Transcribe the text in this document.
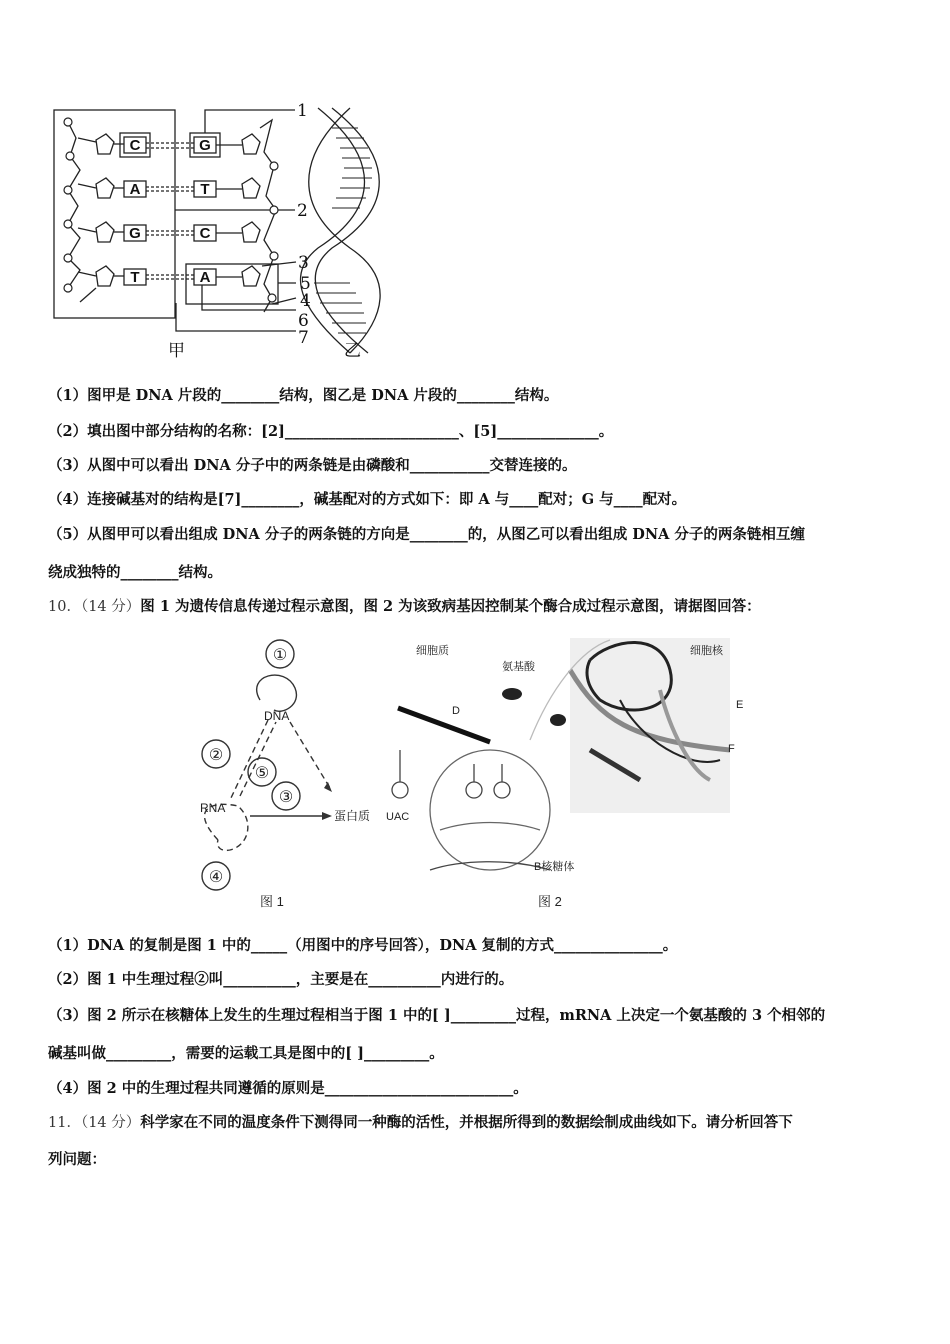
C
A
G
T
G
T
C
A
1
2
3
5
4
6
7
甲	乙
（1）图甲是 DNA 片段的________结构，图乙是 DNA 片段的________结构。
（2）填出图中部分结构的名称：[2]________________________、[5]______________。
（3）从图中可以看出 DNA 分子中的两条链是由磷酸和___________交替连接的。
（4）连接碱基对的结构是[7]________，碱基配对的方式如下：即 A 与____配对；G 与____配对。
（5）从图甲可以看出组成 DNA 分子的两条链的方向是________的，从图乙可以看出组成 DNA 分子的两条链相互缠
绕成独特的________结构。
10．（14 分）图 1 为遗传信息传递过程示意图，图 2 为该致病基因控制某个酶合成过程示意图，请据图回答：
①
②
⑤
③
④
DNA
RNA
蛋白质
图 1
细胞质
氨基酸
细胞核
D	E
F
UAC
B核糖体
图 2
（1）DNA 的复制是图 1 中的_____（用图中的序号回答），DNA 复制的方式_______________。
（2）图 1 中生理过程②叫__________，主要是在__________内进行的。
（3）图 2 所示在核糖体上发生的生理过程相当于图 1 中的[ ]_________过程，mRNA 上决定一个氨基酸的 3 个相邻的
碱基叫做_________，需要的运载工具是图中的[ ]_________。
（4）图 2 中的生理过程共同遵循的原则是__________________________。
11．（14 分）科学家在不同的温度条件下测得同一种酶的活性，并根据所得到的数据绘制成曲线如下。请分析回答下
列问题：
